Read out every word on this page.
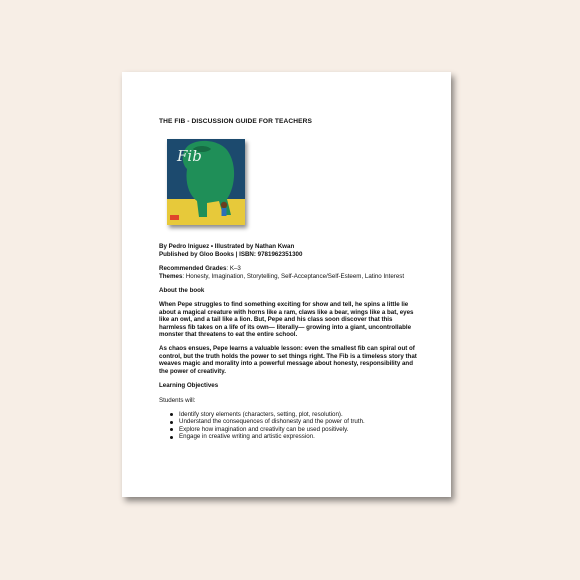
THE FIB - DISCUSSION GUIDE FOR TEACHERS
Fib
By Pedro Iniguez • Illustrated by Nathan Kwan
Published by Gloo Books | ISBN: 9781962351300
Recommended Grades: K–3
Themes: Honesty, Imagination, Storytelling, Self-Acceptance/Self-Esteem, Latino Interest
About the book

When Pepe struggles to find something exciting for show and tell, he spins a little lie about a magical creature with horns like a ram, claws like a bear, wings like a bat, eyes like an owl, and a tail like a lion. But, Pepe and his class soon discover that this harmless fib takes on a life of its own— literally— growing into a giant, uncontrollable monster that threatens to eat the entire school.

As chaos ensues, Pepe learns a valuable lesson: even the smallest fib can spiral out of control, but the truth holds the power to set things right. The Fib is a timeless story that weaves magic and morality into a powerful message about honesty, responsibility and the power of creativity.

Learning Objectives
Students will:
Identify story elements (characters, setting, plot, resolution).
Understand the consequences of dishonesty and the power of truth.
Explore how imagination and creativity can be used positively.
Engage in creative writing and artistic expression.
